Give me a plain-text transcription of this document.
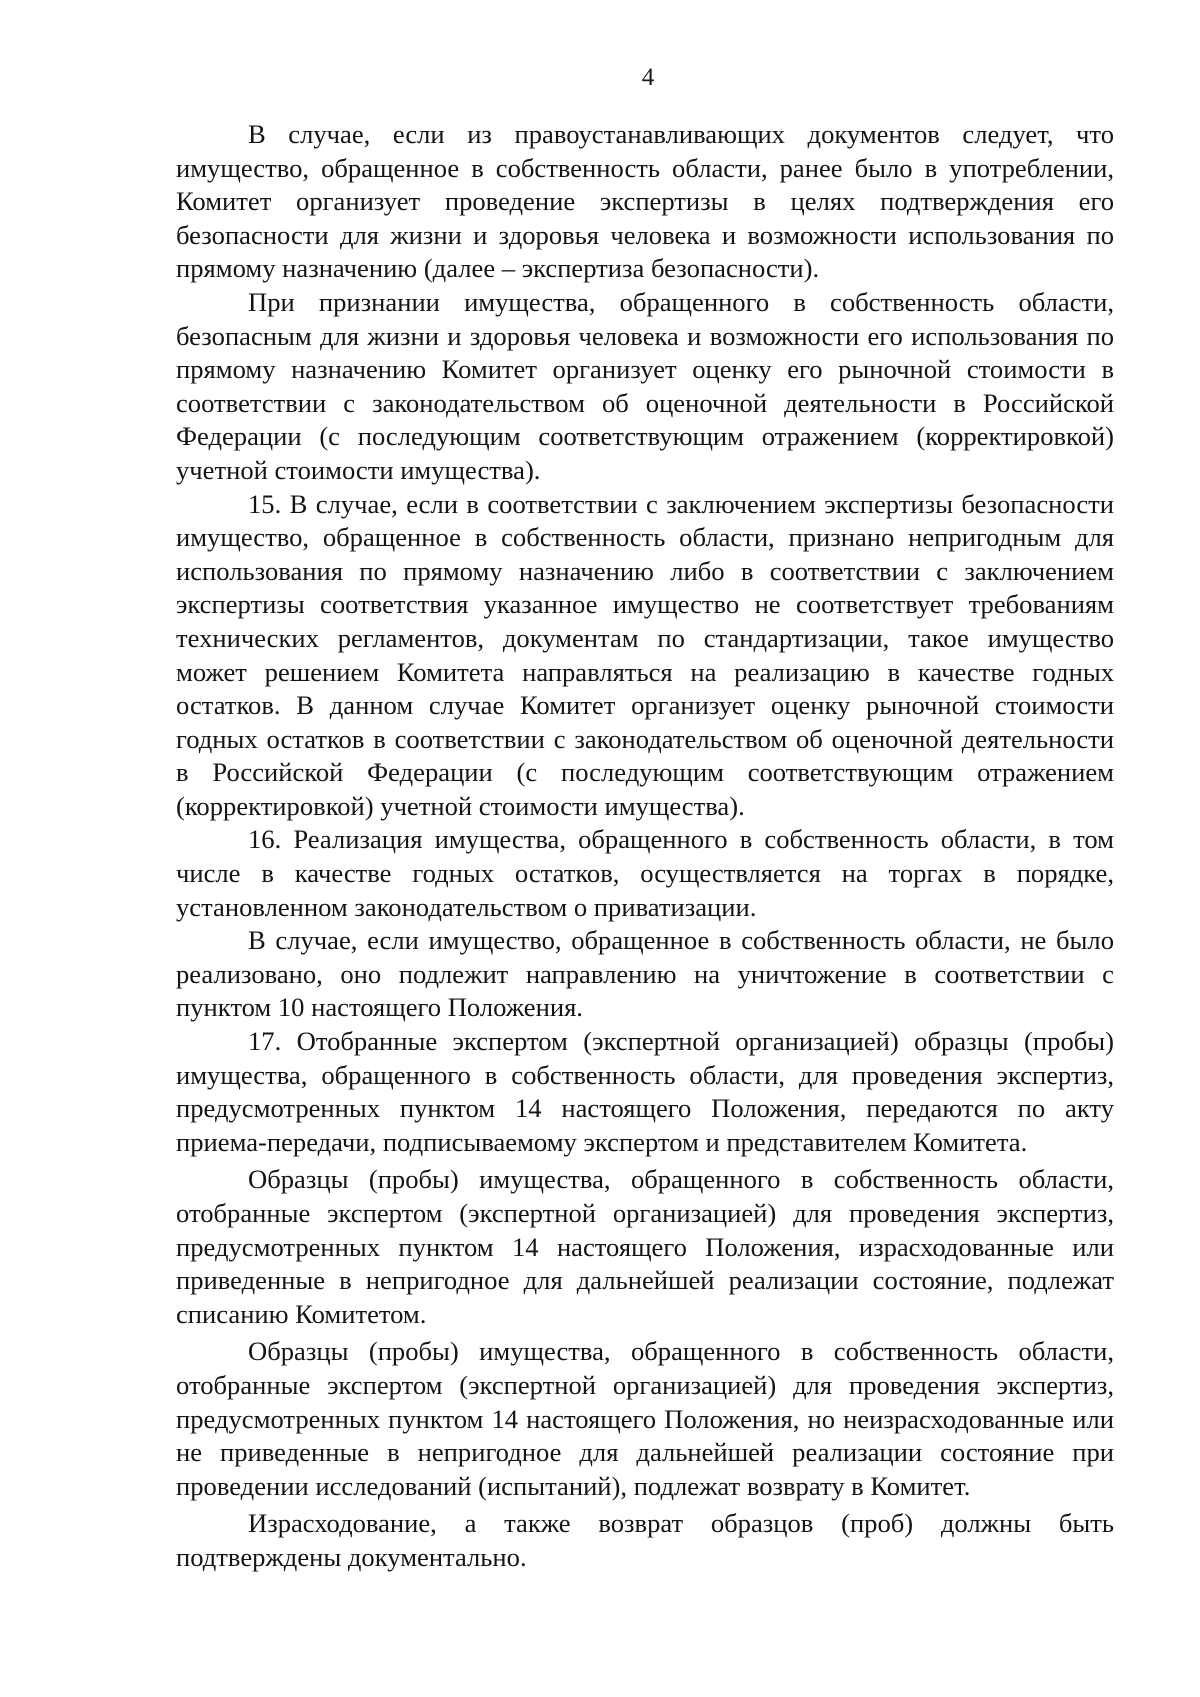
4

В случае, если из правоустанавливающих документов следует, что имущество, обращенное в собственность области, ранее было в употреблении, Комитет организует проведение экспертизы в целях подтверждения его безопасности для жизни и здоровья человека и возможности использования по прямому назначению (далее – экспертиза безопасности).

При признании имущества, обращенного в собственность области, безопасным для жизни и здоровья человека и возможности его использования по прямому назначению Комитет организует оценку его рыночной стоимости в соответствии с законодательством об оценочной деятельности в Российской Федерации (с последующим соответствующим отражением (корректировкой) учетной стоимости имущества).

15. В случае, если в соответствии с заключением экспертизы безопасности имущество, обращенное в собственность области, признано непригодным для использования по прямому назначению либо в соответствии с заключением экспертизы соответствия указанное имущество не соответствует требованиям технических регламентов, документам по стандартизации, такое имущество может решением Комитета направляться на реализацию в качестве годных остатков. В данном случае Комитет организует оценку рыночной стоимости годных остатков в соответствии с законодательством об оценочной деятельности в Российской Федерации (с последующим соответствующим отражением (корректировкой) учетной стоимости имущества).

16. Реализация имущества, обращенного в собственность области, в том числе в качестве годных остатков, осуществляется на торгах в порядке, установленном законодательством о приватизации.

В случае, если имущество, обращенное в собственность области, не было реализовано, оно подлежит направлению на уничтожение в соответствии с пунктом 10 настоящего Положения.

17. Отобранные экспертом (экспертной организацией) образцы (пробы) имущества, обращенного в собственность области, для проведения экспертиз, предусмотренных пунктом 14 настоящего Положения, передаются по акту приема-передачи, подписываемому экспертом и представителем Комитета.

Образцы (пробы) имущества, обращенного в собственность области, отобранные экспертом (экспертной организацией) для проведения экспертиз, предусмотренных пунктом 14 настоящего Положения, израсходованные или приведенные в непригодное для дальнейшей реализации состояние, подлежат списанию Комитетом.

Образцы (пробы) имущества, обращенного в собственность области, отобранные экспертом (экспертной организацией) для проведения экспертиз, предусмотренных пунктом 14 настоящего Положения, но неизрасходованные или не приведенные в непригодное для дальнейшей реализации состояние при проведении исследований (испытаний), подлежат возврату в Комитет.

Израсходование, а также возврат образцов (проб) должны быть подтверждены документально.
